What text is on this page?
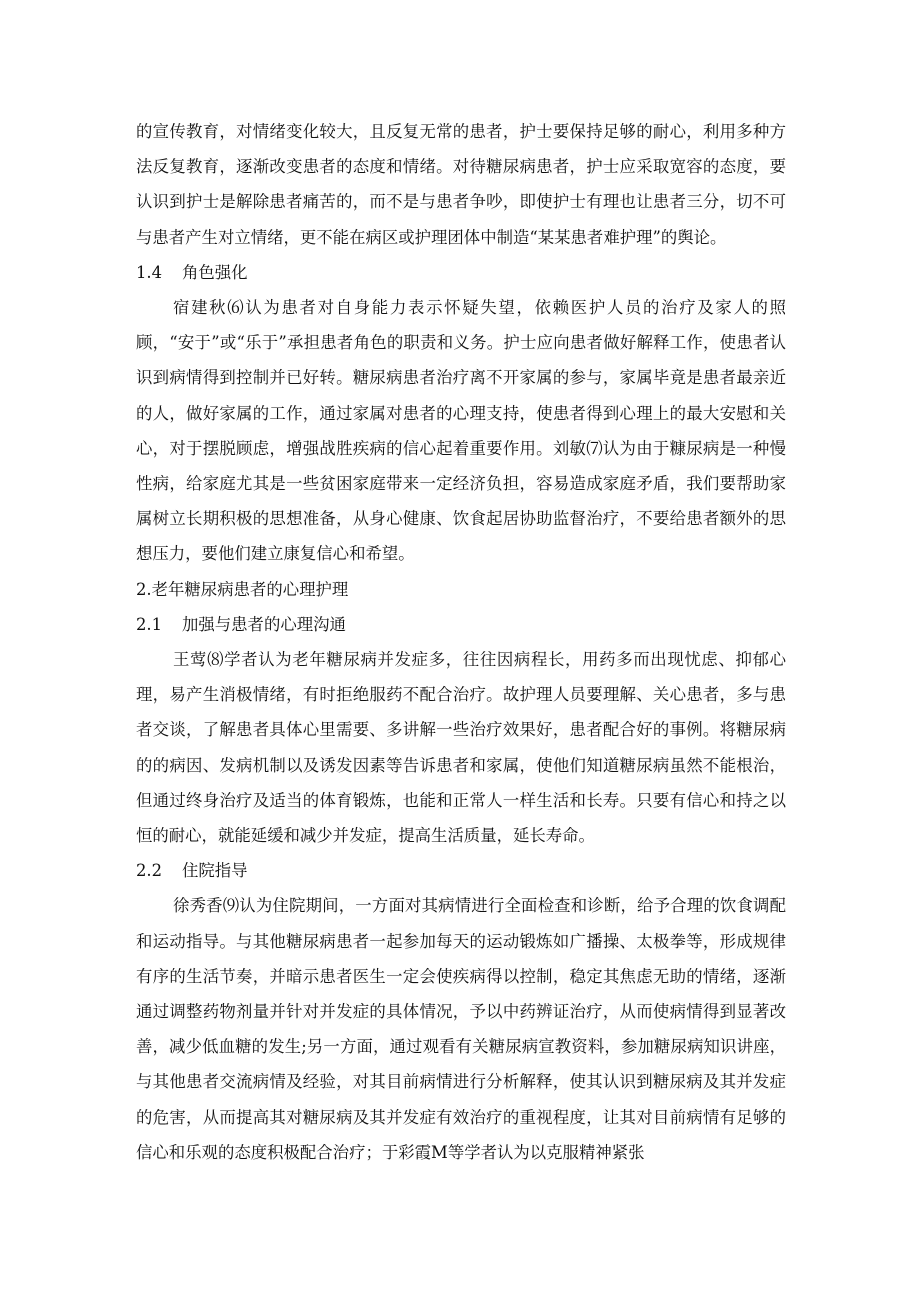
的宣传教育，对情绪变化较大，且反复无常的患者，护士要保持足够的耐心，利用多种方法反复教育，逐渐改变患者的态度和情绪。对待糖尿病患者，护士应采取宽容的态度，要认识到护士是解除患者痛苦的，而不是与患者争吵，即使护士有理也让患者三分，切不可与患者产生对立情绪，更不能在病区或护理团体中制造“某某患者难护理”的舆论。

1.4 角色强化

宿建秋⑹认为患者对自身能力表示怀疑失望，依赖医护人员的治疗及家人的照顾，“安于”或“乐于”承担患者角色的职责和义务。护士应向患者做好解释工作，使患者认识到病情得到控制并已好转。糖尿病患者治疗离不开家属的参与，家属毕竟是患者最亲近的人，做好家属的工作，通过家属对患者的心理支持，使患者得到心理上的最大安慰和关心，对于摆脱顾虑，增强战胜疾病的信心起着重要作用。刘敏⑺认为由于糠尿病是一种慢性病，给家庭尤其是一些贫困家庭带来一定经济负担，容易造成家庭矛盾，我们要帮助家属树立长期积极的思想准备，从身心健康、饮食起居协助监督治疗，不要给患者额外的思想压力，要他们建立康复信心和希望。

2.老年糖尿病患者的心理护理
2.1 加强与患者的心理沟通

王莺⑻学者认为老年糖尿病并发症多，往往因病程长，用药多而出现忧虑、抑郁心理，易产生消极情绪，有时拒绝服药不配合治疗。故护理人员要理解、关心患者，多与患者交谈，了解患者具体心里需要、多讲解一些治疗效果好，患者配合好的事例。将糖尿病的的病因、发病机制以及诱发因素等告诉患者和家属，使他们知道糖尿病虽然不能根治，但通过终身治疗及适当的体育锻炼，也能和正常人一样生活和长寿。只要有信心和持之以恒的耐心，就能延缓和减少并发症，提高生活质量，延长寿命。

2.2 住院指导

徐秀香⑼认为住院期间，一方面对其病情进行全面检查和诊断，给予合理的饮食调配和运动指导。与其他糖尿病患者一起参加每天的运动锻炼如广播操、太极拳等，形成规律有序的生活节奏，并暗示患者医生一定会使疾病得以控制，稳定其焦虑无助的情绪，逐渐通过调整药物剂量并针对并发症的具体情况，予以中药辨证治疗，从而使病情得到显著改善，减少低血糖的发生;另一方面，通过观看有关糖尿病宣教资料，参加糖尿病知识讲座，与其他患者交流病情及经验，对其目前病情进行分析解释，使其认识到糖尿病及其并发症的危害，从而提高其对糖尿病及其并发症有效治疗的重视程度，让其对目前病情有足够的信心和乐观的态度积极配合治疗；于彩霞M等学者认为以克服精神紧张
